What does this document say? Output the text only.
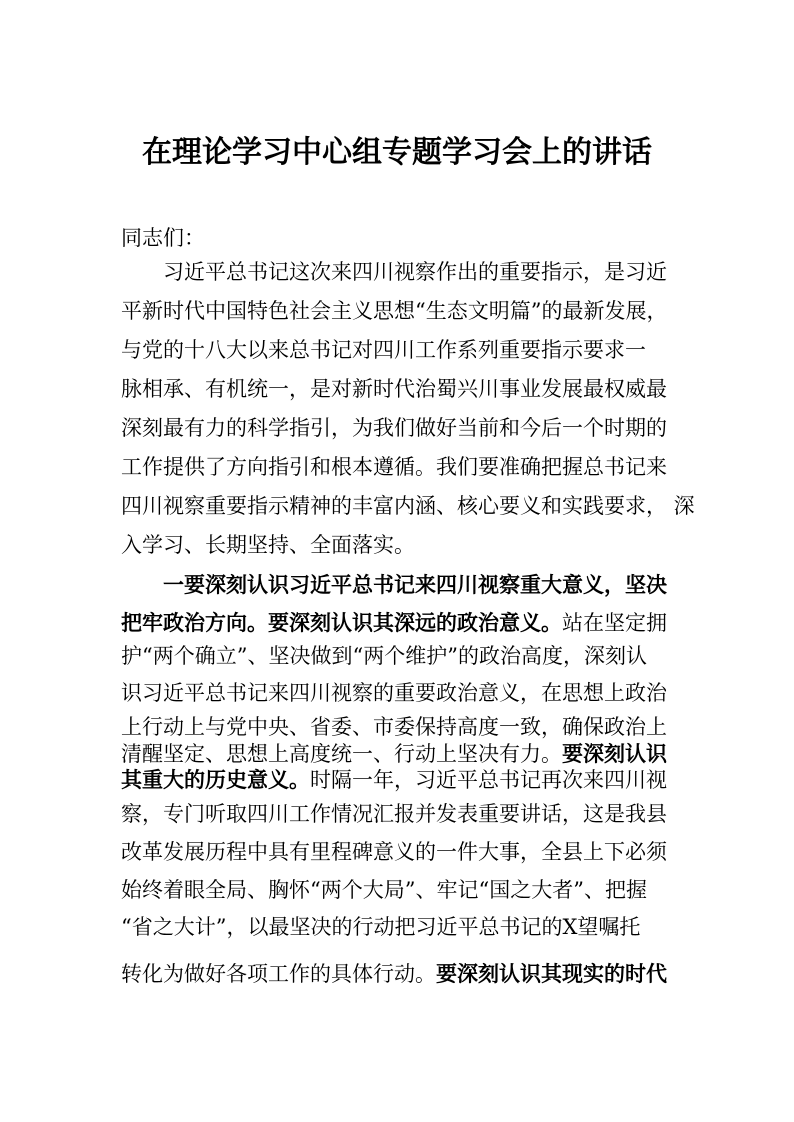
在理论学习中心组专题学习会上的讲话
同志们：
习近平总书记这次来四川视察作出的重要指示，是习近
平新时代中国特色社会主义思想“生态文明篇”的最新发展，
与党的十八大以来总书记对四川工作系列重要指示要求一
脉相承、有机统一，是对新时代治蜀兴川事业发展最权威最
深刻最有力的科学指引，为我们做好当前和今后一个时期的
工作提供了方向指引和根本遵循。我们要准确把握总书记来
四川视察重要指示精神的丰富内涵、核心要义和实践要求， 深
入学习、长期坚持、全面落实。
一要深刻认识习近平总书记来四川视察重大意义，坚决
把牢政治方向。要深刻认识其深远的政治意义。站在坚定拥
护“两个确立”、坚决做到“两个维护”的政治高度，深刻认
识习近平总书记来四川视察的重要政治意义，在思想上政治
上行动上与党中央、省委、市委保持高度一致，确保政治上
清醒坚定、思想上高度统一、行动上坚决有力。要深刻认识
其重大的历史意义。时隔一年，习近平总书记再次来四川视
察，专门听取四川工作情况汇报并发表重要讲话，这是我县
改革发展历程中具有里程碑意义的一件大事，全县上下必须
始终着眼全局、胸怀“两个大局”、牢记“国之大者”、把握
“省之大计”，以最坚决的行动把习近平总书记的X望嘱托
转化为做好各项工作的具体行动。要深刻认识其现实的时代
